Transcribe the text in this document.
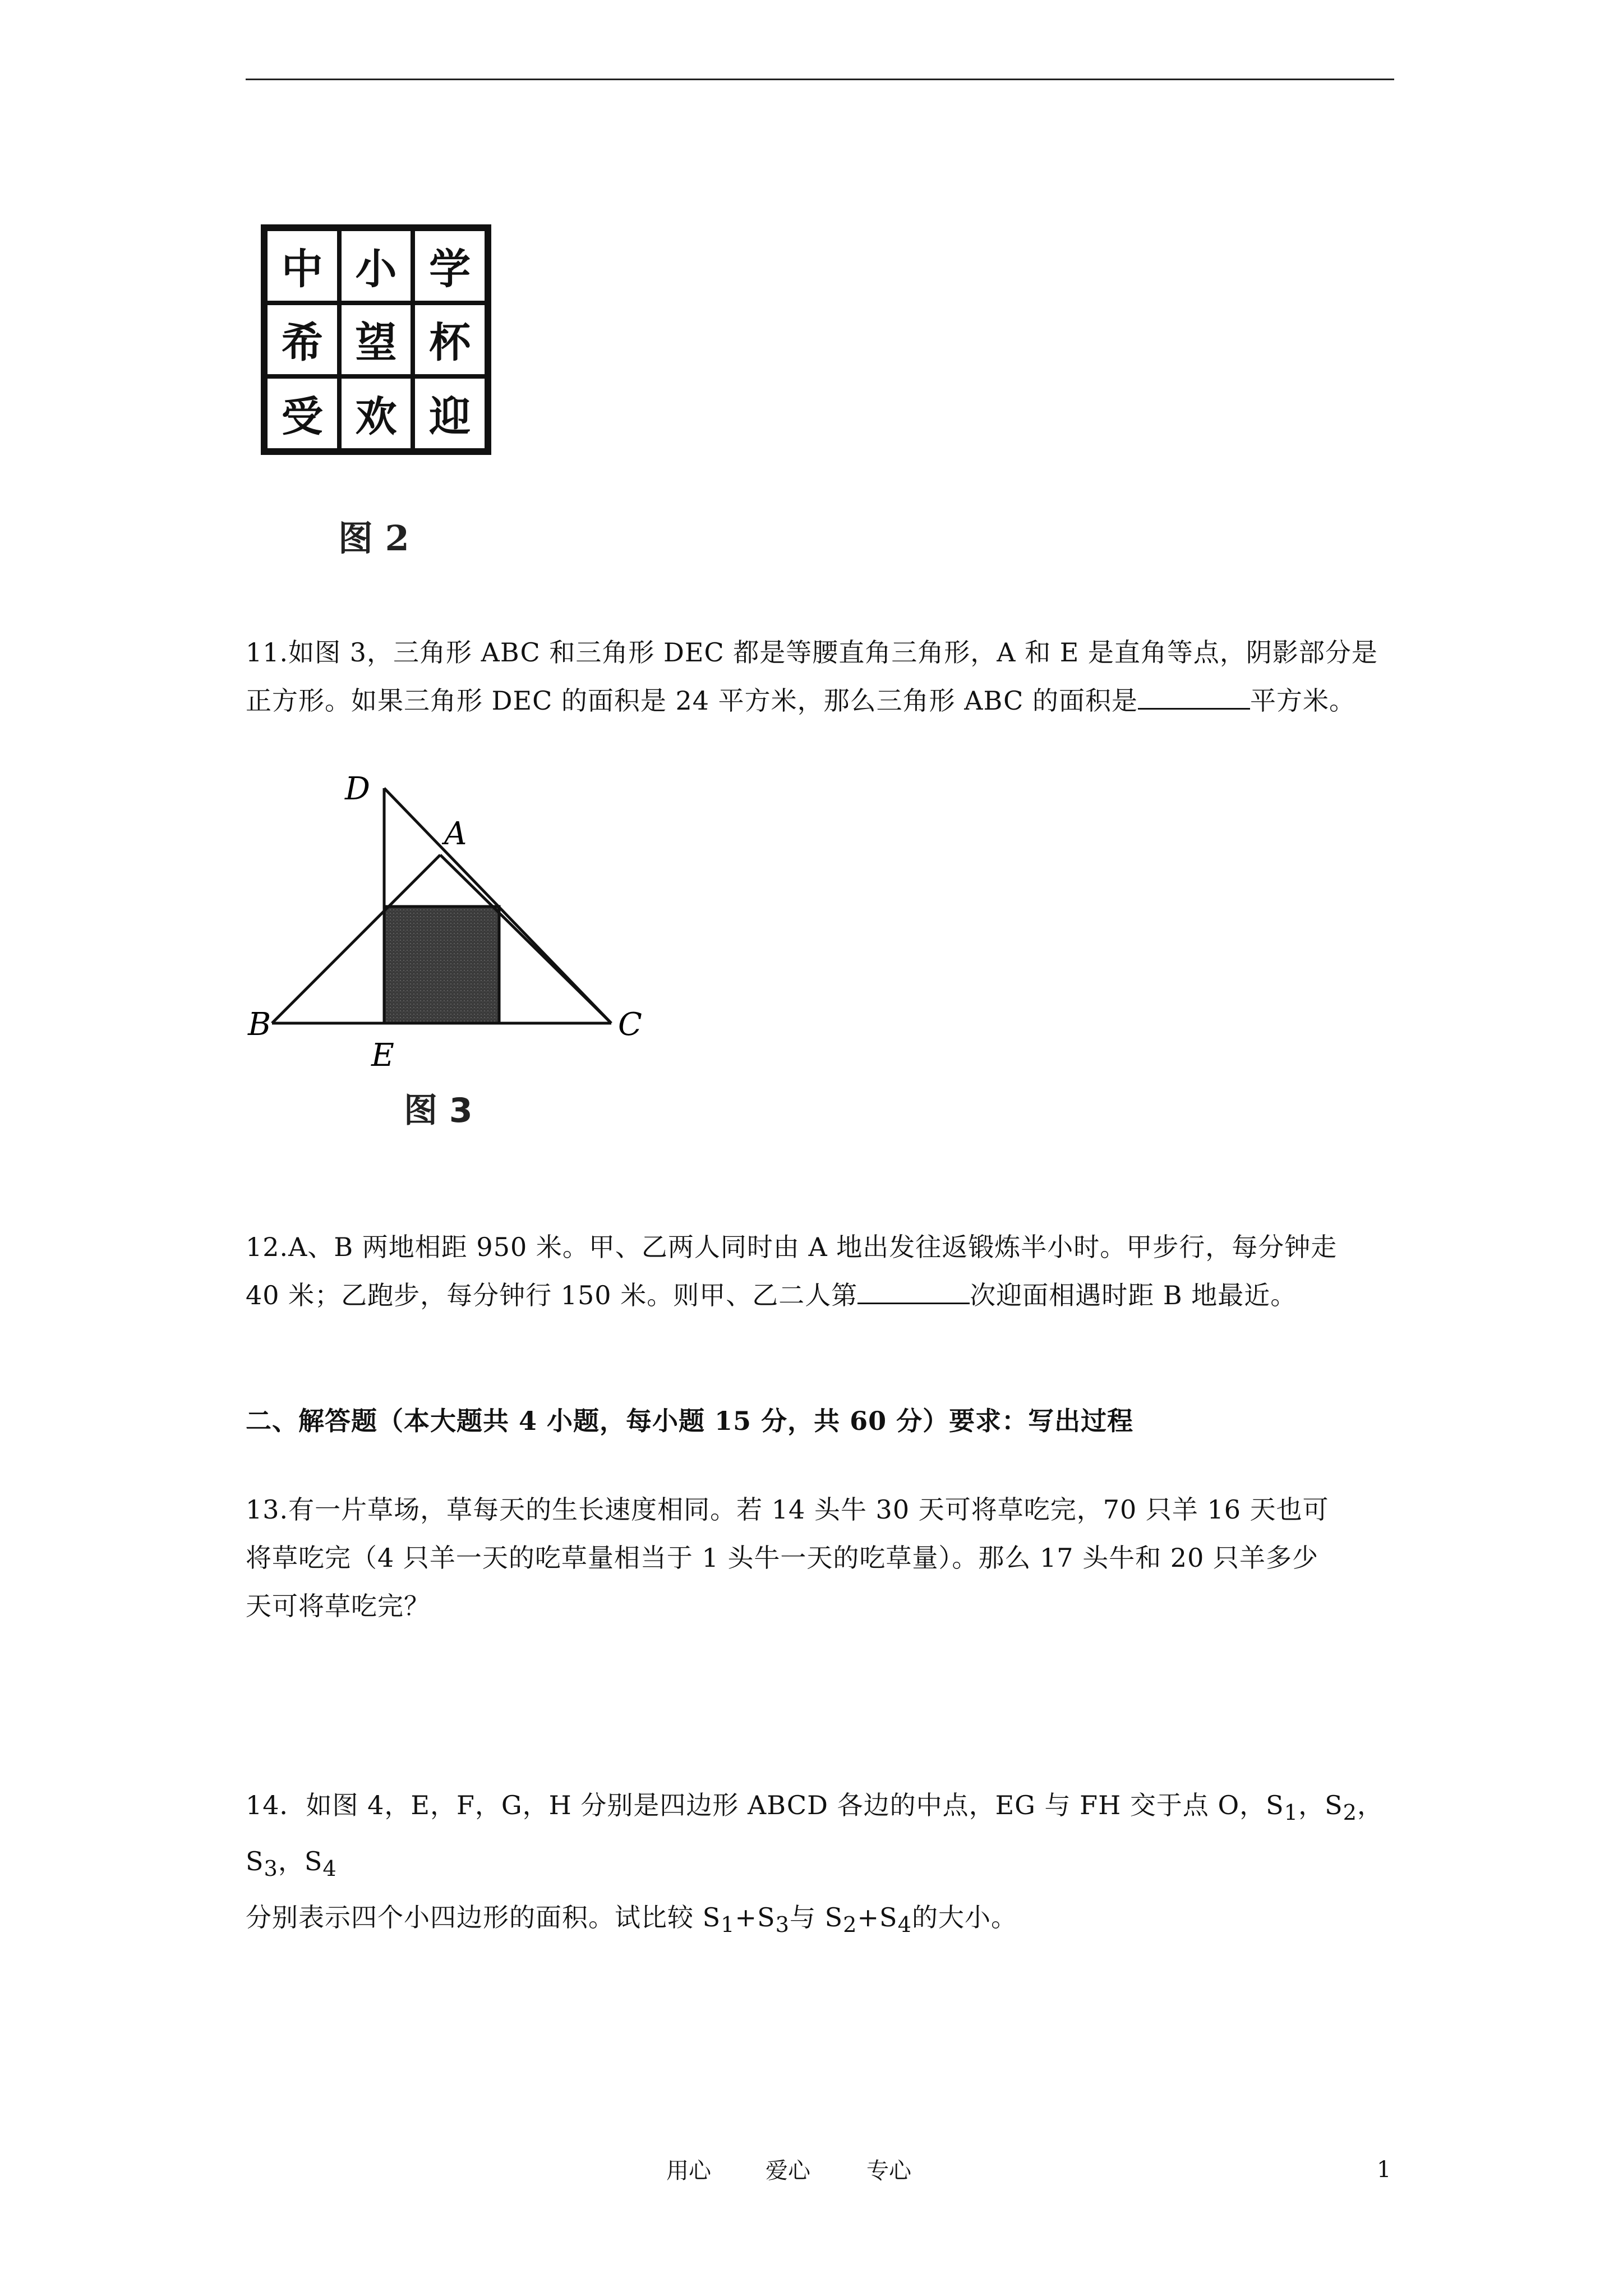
中 小 学
希 望 杯
受 欢 迎
图 2
11.如图 3，三角形 ABC 和三角形 DEC 都是等腰直角三角形，A 和 E 是直角等点，阴影部分是
正方形。如果三角形 DEC 的面积是 24 平方米，那么三角形 ABC 的面积是	平方米。
D
A
B
E
C
图 3
12.A、B 两地相距 950 米。甲、乙两人同时由 A 地出发往返锻炼半小时。甲步行，每分钟走
40 米；乙跑步，每分钟行 150 米。则甲、乙二人第	次迎面相遇时距 B 地最近。
二、解答题（本大题共 4 小题，每小题 15 分，共 60 分）要求：写出过程
13.有一片草场，草每天的生长速度相同。若 14 头牛 30 天可将草吃完，70 只羊 16 天也可
将草吃完（4 只羊一天的吃草量相当于 1 头牛一天的吃草量）。那么 17 头牛和 20 只羊多少
天可将草吃完？
14．如图 4，E，F，G，H 分别是四边形 ABCD 各边的中点，EG 与 FH 交于点 O，$S_1$，$S_2$，$S_3$，$S_4$
分别表示四个小四边形的面积。试比较 $S_1+S_3$与 $S_2+S_4$的大小。
用心 爱心	专心	1
